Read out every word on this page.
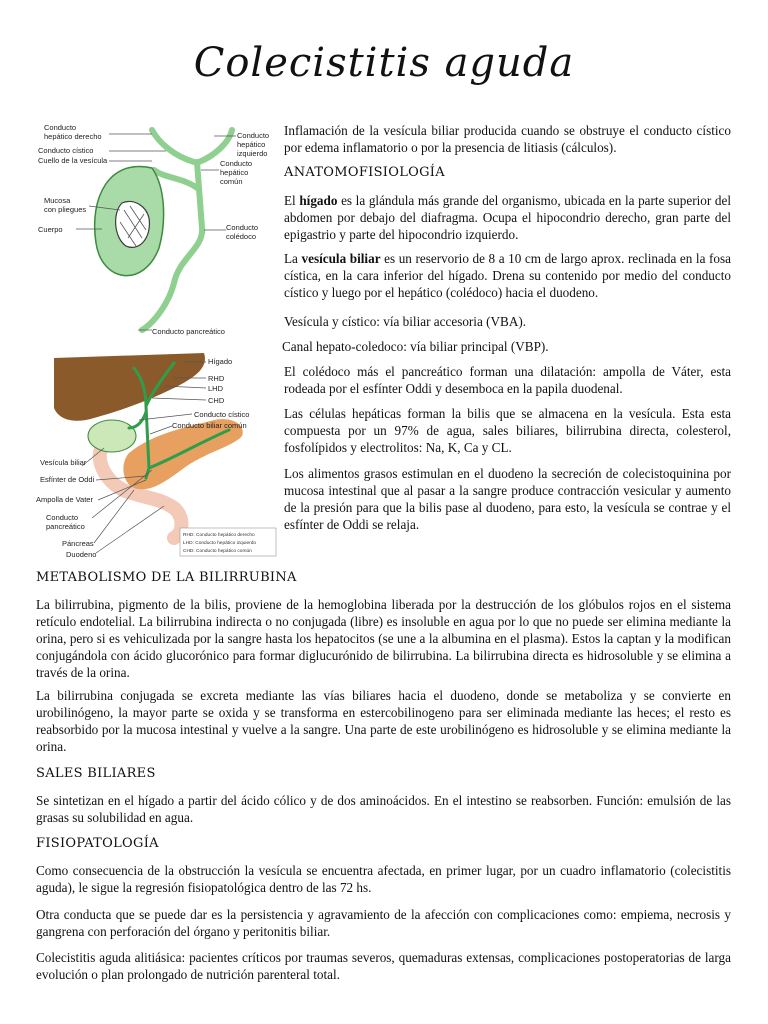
Colecistitis aguda
Conducto
hepático derecho
Conducto cístico
Cuello de la vesícula
Mucosa
con pliegues
Cuerpo
Conducto
hepático
izquierdo
Conducto
hepático
común
Conducto
colédoco
Conducto pancreático
Hígado
RHD
LHD
CHD
Conducto cístico
Conducto biliar común
Vesícula biliar
Esfínter de Oddi
Ampolla de Vater
Conducto
pancreático
Páncreas
Duodeno
RHD: Conducto hepático derecho
LHD: Conducto hepático izquierdo
CHD: Conducto hepático común

Inflamación de la vesícula biliar producida cuando se obstruye el conducto cístico por edema inflamatorio o por la presencia de litiasis (cálculos).

ANATOMOFISIOLOGÍA

El hígado es la glándula más grande del organismo, ubicada en la parte superior del abdomen por debajo del diafragma. Ocupa el hipocondrio derecho, gran parte del epigastrio y parte del hipocondrio izquierdo.

La vesícula biliar es un reservorio de 8 a 10 cm de largo aprox. reclinada en la fosa cística, en la cara inferior del hígado. Drena su contenido por medio del conducto cístico y luego por el hepático (colédoco) hacia el duodeno.

Vesícula y cístico: vía biliar accesoria (VBA).

Canal hepato-coledoco: vía biliar principal (VBP).

El colédoco más el pancreático forman una dilatación: ampolla de Váter, esta rodeada por el esfínter Oddi y desemboca en la papila duodenal.

Las células hepáticas forman la bilis que se almacena en la vesícula. Esta esta compuesta por un 97% de agua, sales biliares, bilirrubina directa, colesterol, fosfolípidos y electrolitos: Na, K, Ca y CL.

Los alimentos grasos estimulan en el duodeno la secreción de colecistoquinina por mucosa intestinal que al pasar a la sangre produce contracción vesicular y aumento de la presión para que la bilis pase al duodeno, para esto, la vesícula se contrae y el esfínter de Oddi se relaja.

METABOLISMO DE LA BILIRRUBINA

La bilirrubina, pigmento de la bilis, proviene de la hemoglobina liberada por la destrucción de los glóbulos rojos en el sistema retículo endotelial. La bilirrubina indirecta o no conjugada (libre) es insoluble en agua por lo que no puede ser elimina mediante la orina, pero si es vehiculizada por la sangre hasta los hepatocitos (se une a la albumina en el plasma). Estos la captan y la modifican conjugándola con ácido glucorónico para formar diglucurónido de bilirrubina. La bilirrubina directa es hidrosoluble y se elimina a través de la orina.

La bilirrubina conjugada se excreta mediante las vías biliares hacia el duodeno, donde se metaboliza y se convierte en urobilinógeno, la mayor parte se oxida y se transforma en estercobilinogeno para ser eliminada mediante las heces; el resto es reabsorbido por la mucosa intestinal y vuelve a la sangre. Una parte de este urobilinógeno es hidrosoluble y se elimina mediante la orina.

SALES BILIARES

Se sintetizan en el hígado a partir del ácido cólico y de dos aminoácidos. En el intestino se reabsorben. Función: emulsión de las grasas su solubilidad en agua.

FISIOPATOLOGÍA

Como consecuencia de la obstrucción la vesícula se encuentra afectada, en primer lugar, por un cuadro inflamatorio (colecistitis aguda), le sigue la regresión fisiopatológica dentro de las 72 hs.

Otra conducta que se puede dar es la persistencia y agravamiento de la afección con complicaciones como: empiema, necrosis y gangrena con perforación del órgano y peritonitis biliar.

Colecistitis aguda alitiásica: pacientes críticos por traumas severos, quemaduras extensas, complicaciones postoperatorias de larga evolución o plan prolongado de nutrición parenteral total.
